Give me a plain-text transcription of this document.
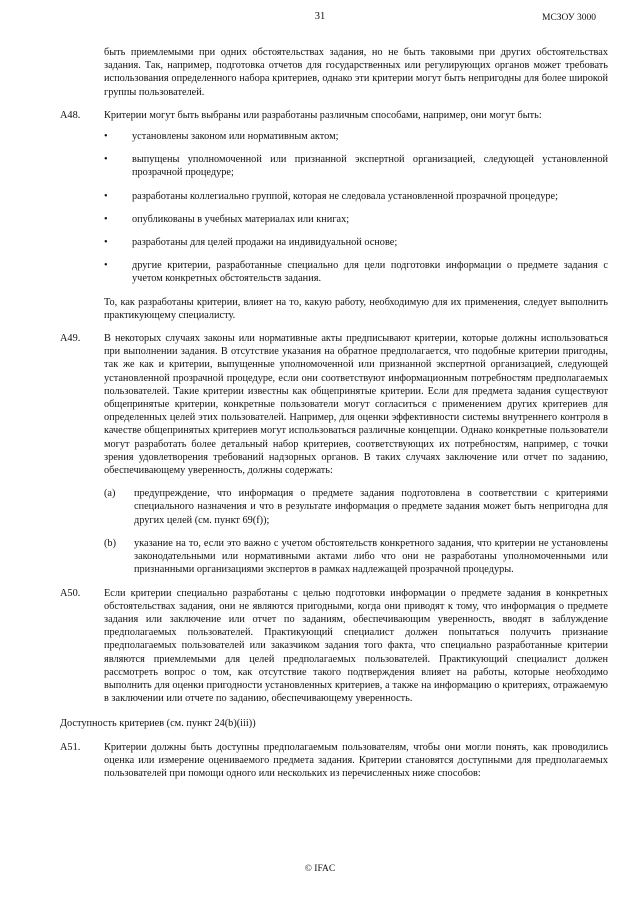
31	МСЗОУ 3000

быть приемлемыми при одних обстоятельствах задания, но не быть таковыми при других обстоятельствах задания. Так, например, подготовка отчетов для государственных или регулирующих органов может требовать использования определенного набора критериев, однако эти критерии могут быть непригодны для более широкой группы пользователей.

A48. Критерии могут быть выбраны или разработаны различным способами, например, они могут быть:

• установлены законом или нормативным актом;
• выпущены уполномоченной или признанной экспертной организацией, следующей установленной прозрачной процедуре;
• разработаны коллегиально группой, которая не следовала установленной прозрачной процедуре;
• опубликованы в учебных материалах или книгах;
• разработаны для целей продажи на индивидуальной основе;
• другие критерии, разработанные специально для цели подготовки информации о предмете задания с учетом конкретных обстоятельств задания.

То, как разработаны критерии, влияет на то, какую работу, необходимую для их применения, следует выполнить практикующему специалисту.

A49. В некоторых случаях законы или нормативные акты предписывают критерии, которые должны использоваться при выполнении задания. В отсутствие указания на обратное предполагается, что подобные критерии пригодны, так же как и критерии, выпущенные уполномоченной или признанной экспертной организацией, следующей установленной прозрачной процедуре, если они соответствуют информационным потребностям предполагаемых пользователей. Такие критерии известны как общепринятые критерии. Если для предмета задания существуют общепринятые критерии, конкретные пользователи могут согласиться с применением других критериев для определенных целей этих пользователей. Например, для оценки эффективности системы внутреннего контроля в качестве общепринятых критериев могут использоваться различные концепции. Однако конкретные пользователи могут разработать более детальный набор критериев, соответствующих их потребностям, например, с точки зрения удовлетворения требований надзорных органов. В таких случаях заключение или отчет по заданию, обеспечивающему уверенность, должны содержать:

(a) предупреждение, что информация о предмете задания подготовлена в соответствии с критериями специального назначения и что в результате информация о предмете задания может быть непригодна для других целей (см. пункт 69(f));
(b) указание на то, если это важно с учетом обстоятельств конкретного задания, что критерии не установлены законодательными или нормативными актами либо что они не разработаны уполномоченными или признанными организациями экспертов в рамках надлежащей прозрачной процедуры.
A50. Если критерии специально разработаны с целью подготовки информации о предмете задания в конкретных обстоятельствах задания, они не являются пригодными, когда они приводят к тому, что информация о предмете задания или заключение или отчет по заданиям, обеспечивающим уверенность, вводят в заблуждение предполагаемых пользователей. Практикующий специалист должен попытаться получить признание предполагаемых пользователей или заказчиком задания того факта, что специально разработанные критерии являются приемлемыми для целей предполагаемых пользователей. Практикующий специалист должен рассмотреть вопрос о том, как отсутствие такого подтверждения влияет на работы, которые необходимо выполнить для оценки пригодности установленных критериев, а также на информацию о критериях, отражаемую в заключении или отчете по заданию, обеспечивающему уверенность.

Доступность критериев (см. пункт 24(b)(iii))
A51. Критерии должны быть доступны предполагаемым пользователям, чтобы они могли понять, как проводились оценка или измерение оцениваемого предмета задания. Критерии становятся доступными для предполагаемых пользователей при помощи одного или нескольких из перечисленных ниже способов:

© IFAC
